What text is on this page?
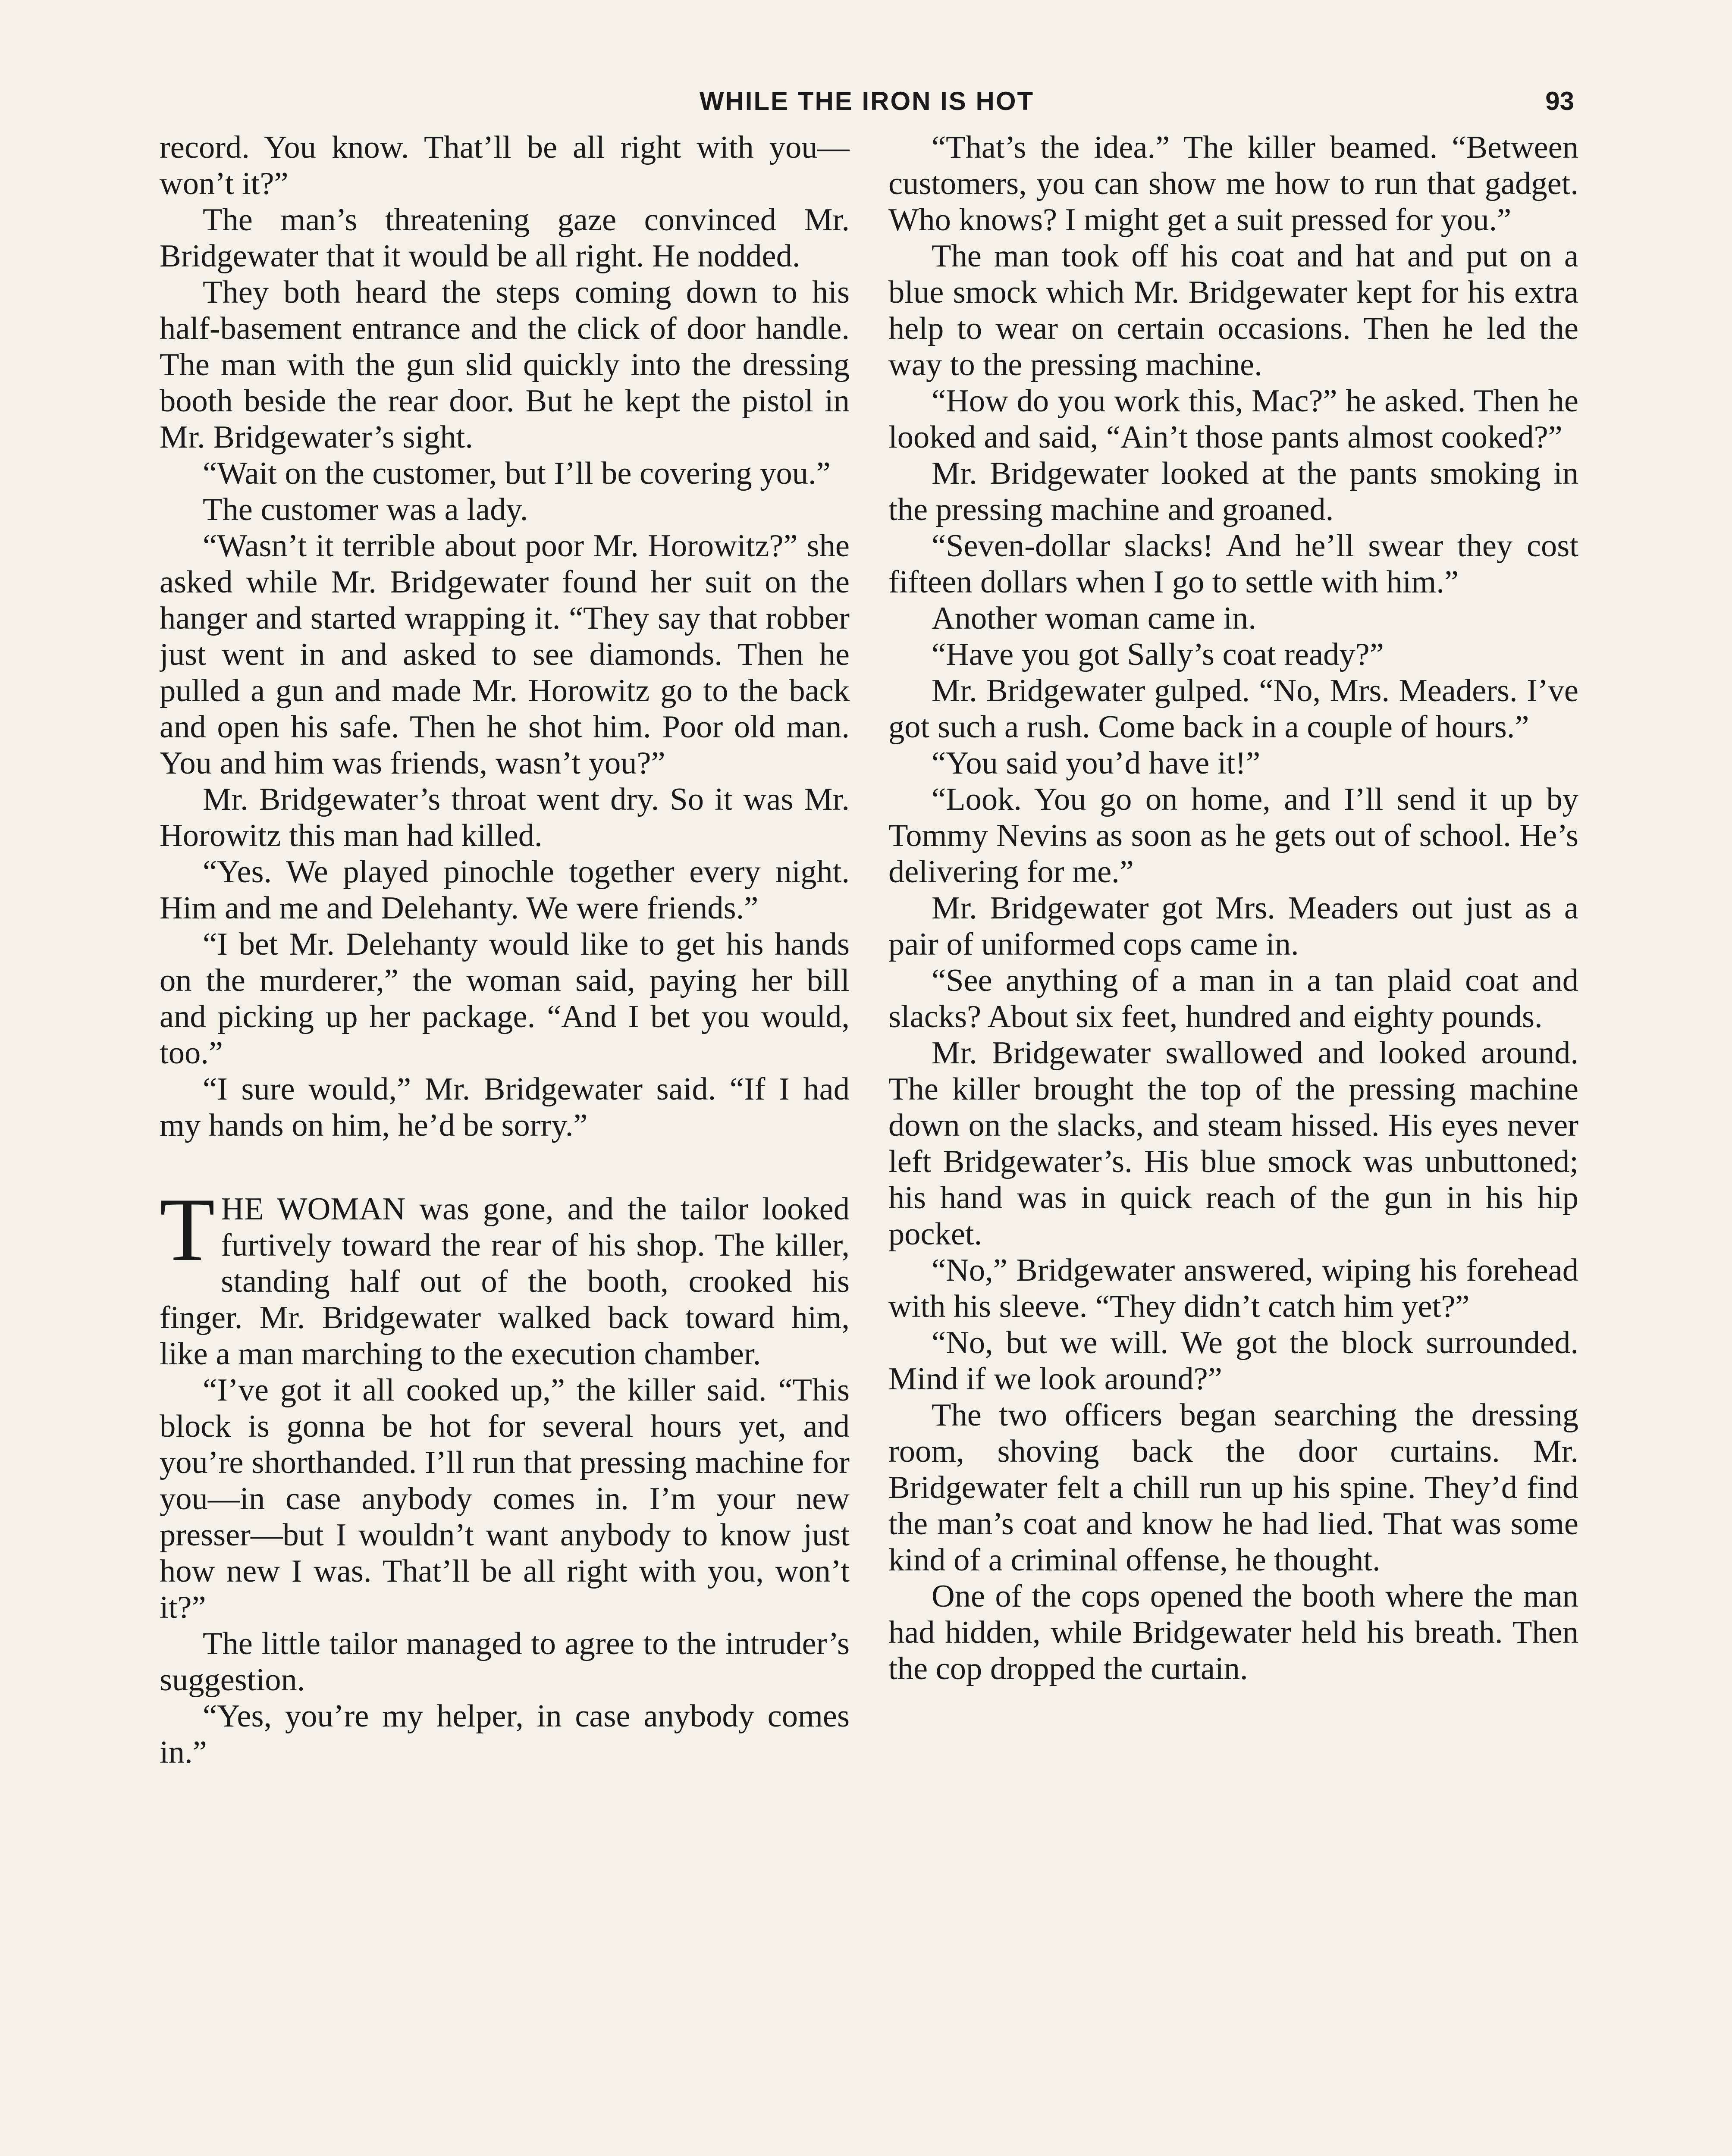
WHILE THE IRON IS HOT	93

record. You know. That’ll be all right with you—won’t it?”

The man’s threatening gaze convinced Mr. Bridgewater that it would be all right. He nodded.

They both heard the steps coming down to his half-basement entrance and the click of door handle. The man with the gun slid quickly into the dressing booth beside the rear door. But he kept the pistol in Mr. Bridgewater’s sight.

“Wait on the customer, but I’ll be covering you.”

The customer was a lady.

“Wasn’t it terrible about poor Mr. Horowitz?” she asked while Mr. Bridgewater found her suit on the hanger and started wrapping it. “They say that robber just went in and asked to see diamonds. Then he pulled a gun and made Mr. Horowitz go to the back and open his safe. Then he shot him. Poor old man. You and him was friends, wasn’t you?”

Mr. Bridgewater’s throat went dry. So it was Mr. Horowitz this man had killed.

“Yes. We played pinochle together every night. Him and me and Delehanty. We were friends.”

“I bet Mr. Delehanty would like to get his hands on the murderer,” the woman said, paying her bill and picking up her package. “And I bet you would, too.”

“I sure would,” Mr. Bridgewater said. “If I had my hands on him, he’d be sorry.”

THE WOMAN was gone, and the tailor looked furtively toward the rear of his shop. The killer, standing half out of the booth, crooked his finger. Mr. Bridgewater walked back toward him, like a man marching to the execution chamber.

“I’ve got it all cooked up,” the killer said. “This block is gonna be hot for several hours yet, and you’re shorthanded. I’ll run that pressing machine for you—in case anybody comes in. I’m your new presser—but I wouldn’t want anybody to know just how new I was. That’ll be all right with you, won’t it?”

The little tailor managed to agree to the intruder’s suggestion.

“Yes, you’re my helper, in case anybody comes in.”

“That’s the idea.” The killer beamed. “Between customers, you can show me how to run that gadget. Who knows? I might get a suit pressed for you.”

The man took off his coat and hat and put on a blue smock which Mr. Bridgewater kept for his extra help to wear on certain occasions. Then he led the way to the pressing machine.

“How do you work this, Mac?” he asked. Then he looked and said, “Ain’t those pants almost cooked?”

Mr. Bridgewater looked at the pants smoking in the pressing machine and groaned.

“Seven-dollar slacks! And he’ll swear they cost fifteen dollars when I go to settle with him.”

Another woman came in.

“Have you got Sally’s coat ready?”

Mr. Bridgewater gulped. “No, Mrs. Meaders. I’ve got such a rush. Come back in a couple of hours.”

“You said you’d have it!”

“Look. You go on home, and I’ll send it up by Tommy Nevins as soon as he gets out of school. He’s delivering for me.”

Mr. Bridgewater got Mrs. Meaders out just as a pair of uniformed cops came in.

“See anything of a man in a tan plaid coat and slacks? About six feet, hundred and eighty pounds.

Mr. Bridgewater swallowed and looked around. The killer brought the top of the pressing machine down on the slacks, and steam hissed. His eyes never left Bridgewater’s. His blue smock was unbuttoned; his hand was in quick reach of the gun in his hip pocket.

“No,” Bridgewater answered, wiping his forehead with his sleeve. “They didn’t catch him yet?”

“No, but we will. We got the block surrounded. Mind if we look around?”

The two officers began searching the dressing room, shoving back the door curtains. Mr. Bridgewater felt a chill run up his spine. They’d find the man’s coat and know he had lied. That was some kind of a criminal offense, he thought.

One of the cops opened the booth where the man had hidden, while Bridgewater held his breath. Then the cop dropped the curtain.
